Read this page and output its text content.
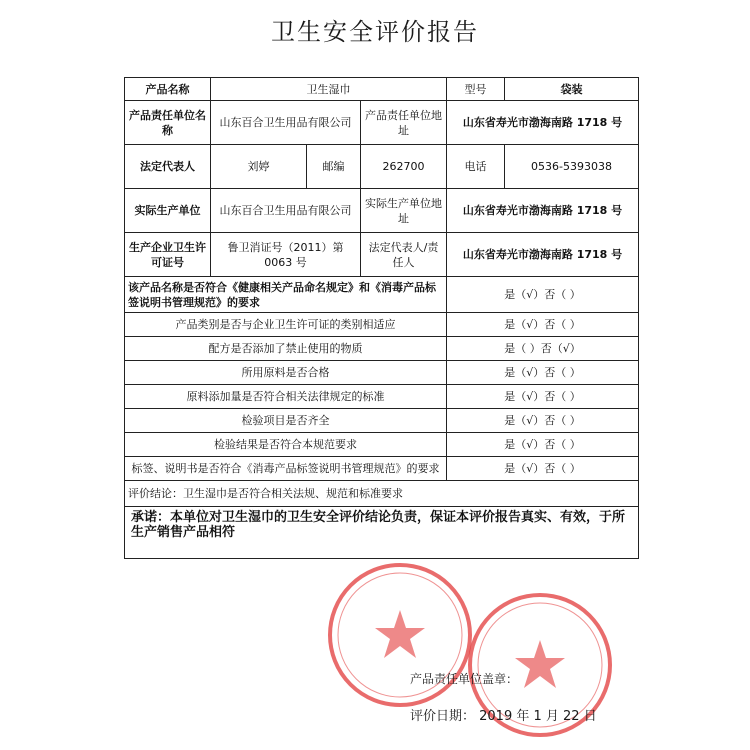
卫生安全评价报告
产品名称	卫生湿巾			型号	袋装
产品责任单位名称	山东百合卫生用品有限公司		产品责任单位地址	山东省寿光市渤海南路 1718 号	
法定代表人	刘婷	邮编	262700	电话	0536-5393038
实际生产单位	山东百合卫生用品有限公司		实际生产单位地址	山东省寿光市渤海南路 1718 号	
生产企业卫生许可证号	鲁卫消证号（2011）第 0063 号		法定代表人/责任人	山东省寿光市渤海南路 1718 号	
该产品名称是否符合《健康相关产品命名规定》和《消毒产品标签说明书管理规范》的要求				是（√）否（ ）	
产品类别是否与企业卫生许可证的类别相适应				是（√）否（ ）	
配方是否添加了禁止使用的物质				是（ ）否（√）	
所用原料是否合格				是（√）否（ ）	
原料添加量是否符合相关法律规定的标准				是（√）否（ ）	
检验项目是否齐全				是（√）否（ ）	
检验结果是否符合本规范要求				是（√）否（ ）	
标签、说明书是否符合《消毒产品标签说明书管理规范》的要求				是（√）否（ ）	
评价结论：卫生湿巾是否符合相关法规、规范和标准要求					
承诺：本单位对卫生湿巾的卫生安全评价结论负责，保证本评价报告真实、有效，于所生产销售产品相符					
产品责任单位盖章：
评价日期： 2019 年 1 月 22 日
